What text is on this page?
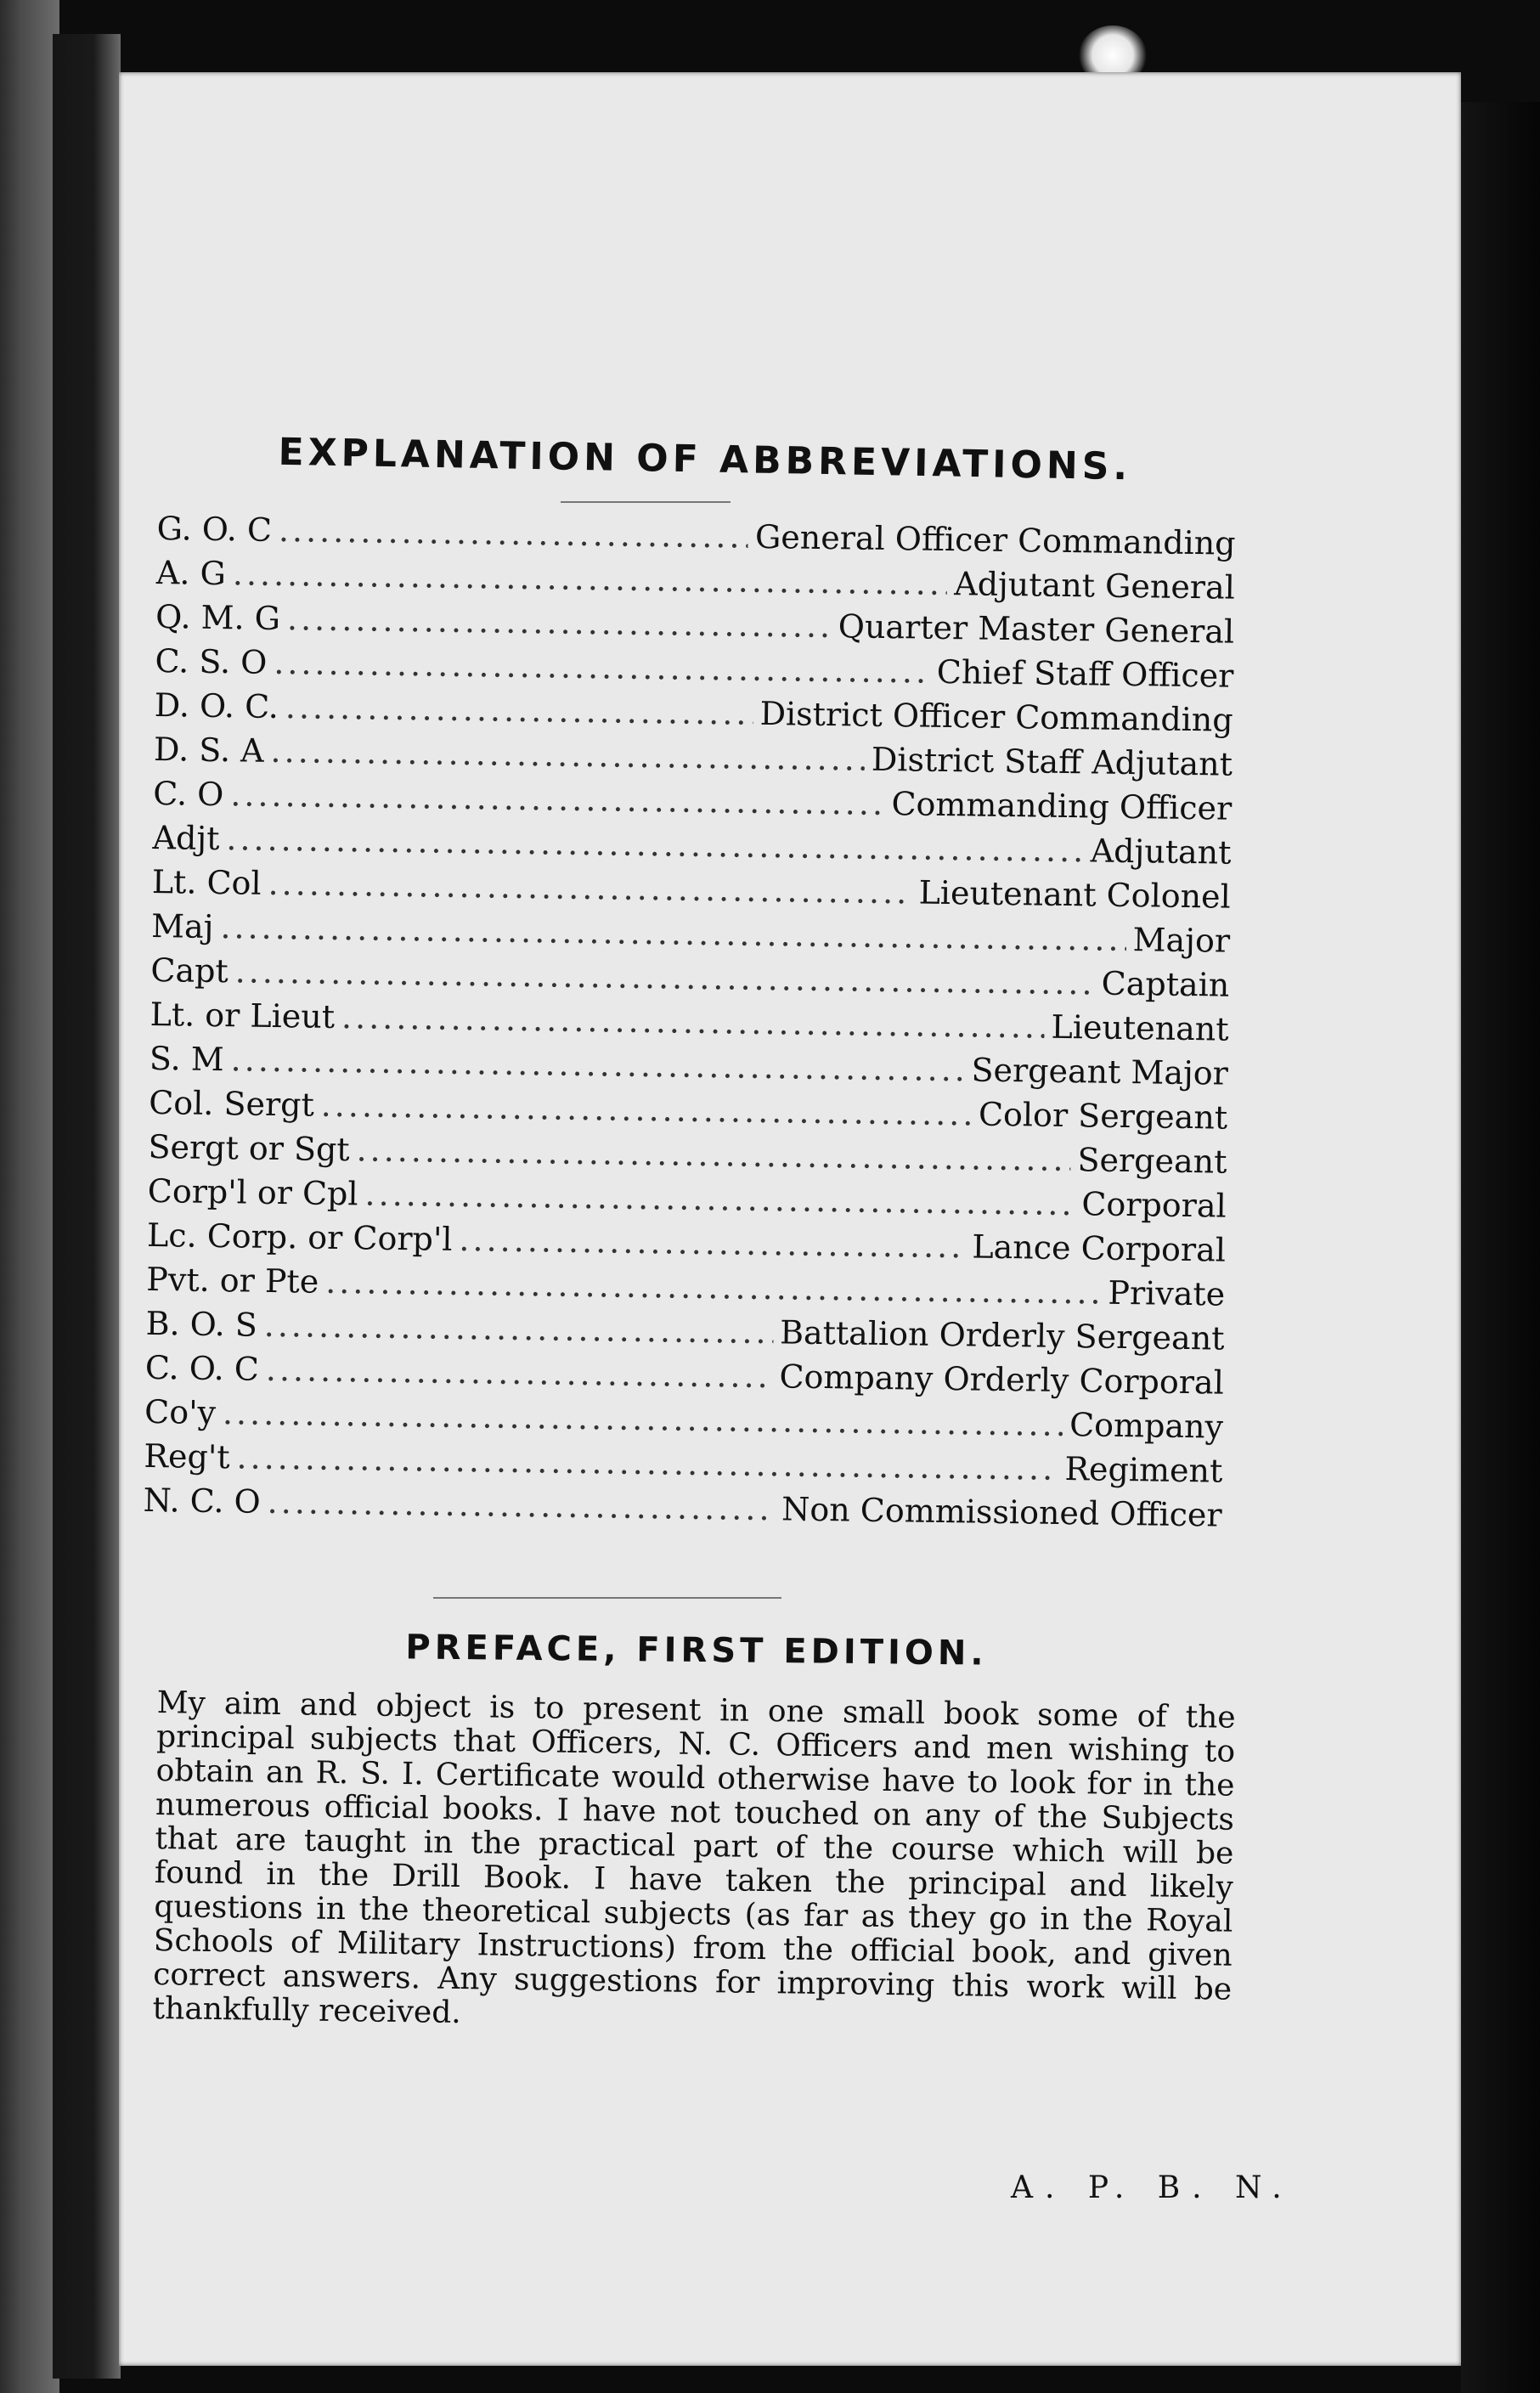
EXPLANATION OF ABBREVIATIONS.
G. O. C .....	General Officer Commanding
A. G .....	Adjutant General
Q. M. G .....	Quarter Master General
C. S. O .....	Chief Staff Officer
D. O. C. .....	District Officer Commanding
D. S. A .....	District Staff Adjutant
C. O .....	Commanding Officer
Adjt .....	Adjutant
Lt. Col .....	Lieutenant Colonel
Maj .....	Major
Capt .....	Captain
Lt. or Lieut .....	Lieutenant
S. M .....	Sergeant Major
Col. Sergt .....	Color Sergeant
Sergt or Sgt .....	Sergeant
Corp'l or Cpl .....	Corporal
Lc. Corp. or Corp'l .....	Lance Corporal
Pvt. or Pte .....	Private
B. O. S .....	Battalion Orderly Sergeant
C. O. C .....	Company Orderly Corporal
Co'y .....	Company
Reg't .....	Regiment
N. C. O .....	Non Commissioned Officer
PREFACE, FIRST EDITION.
My aim and object is to present in one small book some of the principal subjects that Officers, N. C. Officers and men wishing to obtain an R. S. I. Certificate would otherwise have to look for in the numerous official books. I have not touched on any of the Subjects that are taught in the practical part of the course which will be found in the Drill Book. I have taken the principal and likely questions in the theoretical subjects (as far as they go in the Royal Schools of Military Instructions) from the official book, and given correct answers. Any suggestions for improving this work will be thankfully received.
A. P. B. N.
